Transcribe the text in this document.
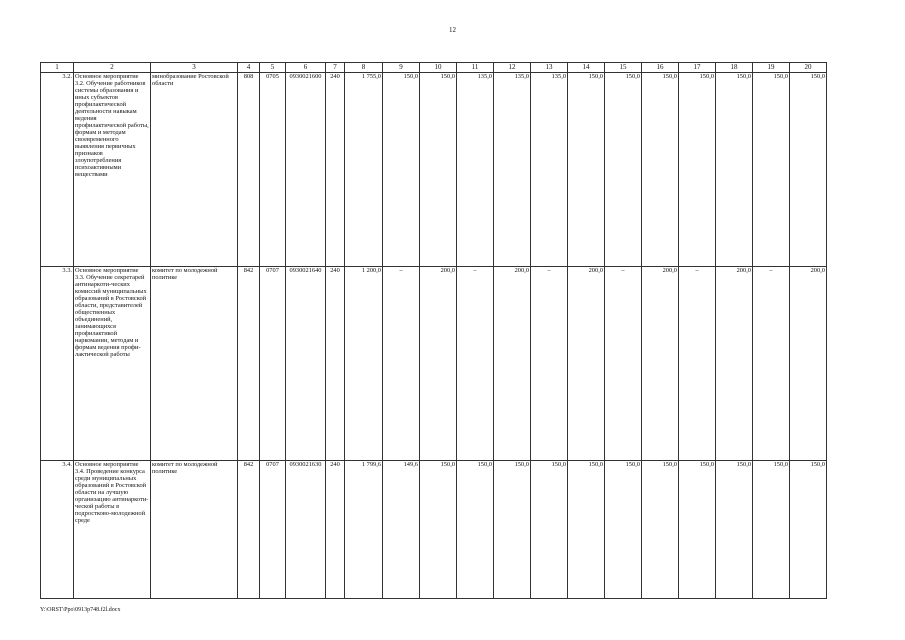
12
1	2	3	4	5	6	7	8	9	10	11	12	13	14	15	16	17	18	19	20
3.2.	Основное мероприятие 3.2. Обучение работников системы образования и иных субъектов профилактической деятельности навыкам ведения профилактической работы, формам и методам своевременного выявления первичных признаков злоупотребления психоактивными веществами	минобразование Ростовской области	808	0705	0930021600	240	1 755,0	150,0	150,0	135,0	135,0	135,0	150,0	150,0	150,0	150,0	150,0	150,0	150,0
3.3.	Основное мероприятие 3.3. Обучение секретарей антинаркоти-ческих комиссий муниципальных образований в Ростовской области, представителей общественных объединений, занимающихся профилактикой наркомании, методам и формам ведения профи-лактической работы	комитет по молодежной политике	842	0707	0930021640	240	1 200,0	–	200,0	–	200,0	–	200,0	–	200,0	–	200,0	–	200,0
3.4.	Основное мероприятие 3.4. Проведение конкурса среди муниципальных образований в Ростовской области на лучшую организацию антинаркоти-ческой работы в подростково-молодежной среде	комитет по молодежной политике	842	0707	0930021630	240	1 799,6	149,6	150,0	150,0	150,0	150,0	150,0	150,0	150,0	150,0	150,0	150,0	150,0
Y:\ORST\Ppo\0913p748.f2l.docx
